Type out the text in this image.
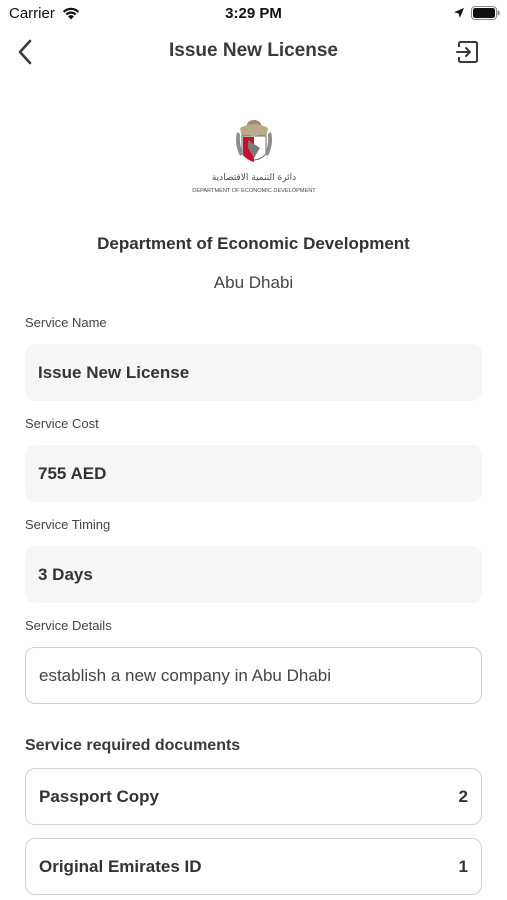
Carrier	3:29 PM
Issue New License
دائرة التنمية الاقتصادية
DEPARTMENT OF ECONOMIC DEVELOPMENT
Department of Economic Development
Abu Dhabi
Service Name
Issue New License
Service Cost
755 AED
Service Timing
3 Days
Service Details
establish a new company in Abu Dhabi
Service required documents
Passport Copy	2
Original Emirates ID	1
